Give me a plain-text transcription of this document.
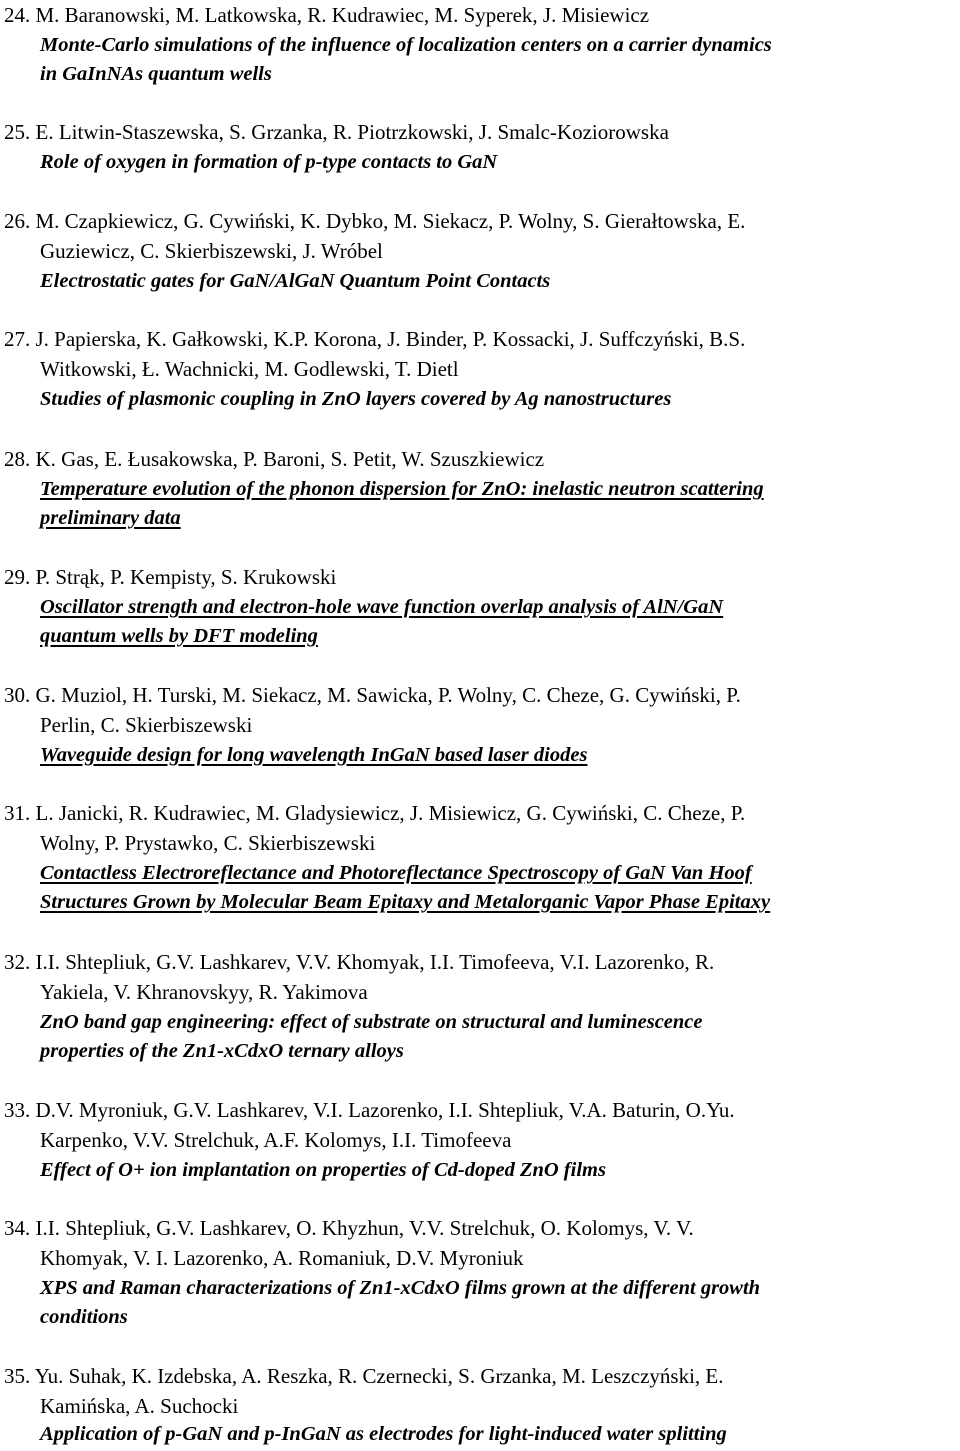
24. M. Baranowski, M. Latkowska, R. Kudrawiec, M. Syperek, J. Misiewicz
Monte-Carlo simulations of the influence of localization centers on a carrier dynamics
in GaInNAs quantum wells
25. E. Litwin-Staszewska, S. Grzanka, R. Piotrzkowski, J. Smalc-Koziorowska
Role of oxygen in formation of p-type contacts to GaN
26. M. Czapkiewicz, G. Cywiński, K. Dybko, M. Siekacz, P. Wolny, S. Gierałtowska, E.
Guziewicz, C. Skierbiszewski, J. Wróbel
Electrostatic gates for GaN/AlGaN Quantum Point Contacts
27. J. Papierska, K. Gałkowski, K.P. Korona, J. Binder, P. Kossacki, J. Suffczyński, B.S.
Witkowski, Ł. Wachnicki, M. Godlewski, T. Dietl
Studies of plasmonic coupling in ZnO layers covered by Ag nanostructures
28. K. Gas, E. Łusakowska, P. Baroni, S. Petit, W. Szuszkiewicz
Temperature evolution of the phonon dispersion for ZnO: inelastic neutron scattering
preliminary data
29. P. Strąk, P. Kempisty, S. Krukowski
Oscillator strength and electron-hole wave function overlap analysis of AlN/GaN
quantum wells by DFT modeling
30. G. Muziol, H. Turski, M. Siekacz, M. Sawicka, P. Wolny, C. Cheze, G. Cywiński, P.
Perlin, C. Skierbiszewski
Waveguide design for long wavelength InGaN based laser diodes
31. L. Janicki, R. Kudrawiec, M. Gladysiewicz, J. Misiewicz, G. Cywiński, C. Cheze, P.
Wolny, P. Prystawko, C. Skierbiszewski
Contactless Electroreflectance and Photoreflectance Spectroscopy of GaN Van Hoof
Structures Grown by Molecular Beam Epitaxy and Metalorganic Vapor Phase Epitaxy
32. I.I. Shtepliuk, G.V. Lashkarev, V.V. Khomyak, I.I. Timofeeva, V.I. Lazorenko, R.
Yakiela, V. Khranovskyy, R. Yakimova
ZnO band gap engineering: effect of substrate on structural and luminescence
properties of the Zn1-xCdxO ternary alloys
33. D.V. Myroniuk, G.V. Lashkarev, V.I. Lazorenko, I.I. Shtepliuk, V.A. Baturin, O.Yu.
Karpenko, V.V. Strelchuk, A.F. Kolomys, I.I. Timofeeva
Effect of O+ ion implantation on properties of Cd-doped ZnO films
34. I.I. Shtepliuk, G.V. Lashkarev, O. Khyzhun, V.V. Strelchuk, O. Kolomys, V. V.
Khomyak, V. I. Lazorenko, A. Romaniuk, D.V. Myroniuk
XPS and Raman characterizations of Zn1-xCdxO films grown at the different growth
conditions
35. Yu. Suhak, K. Izdebska, A. Reszka, R. Czernecki, S. Grzanka, M. Leszczyński, E.
Kamińska, A. Suchocki
Application of p-GaN and p-InGaN as electrodes for light-induced water splitting
